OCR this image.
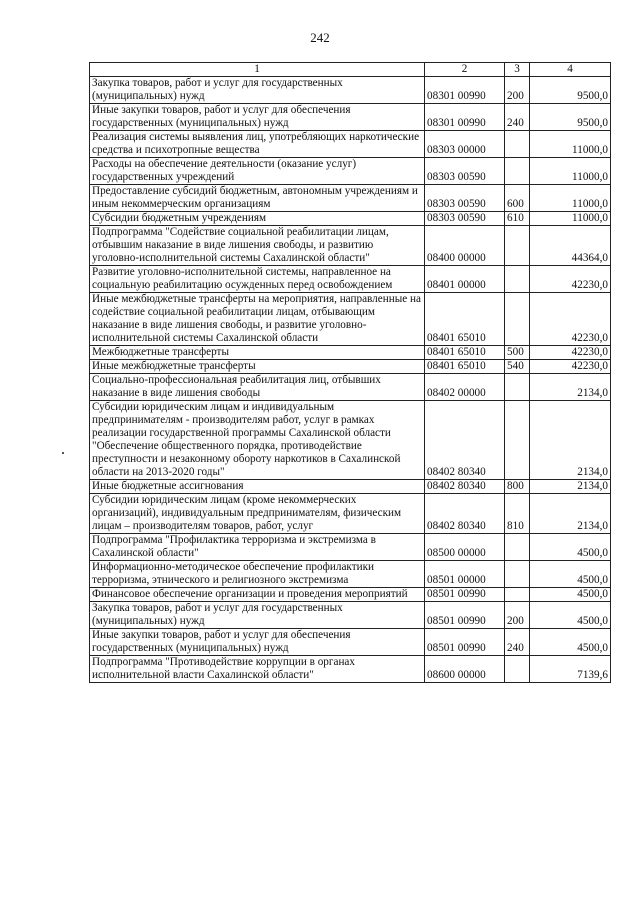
242
1	2	3	4
Закупка товаров, работ и услуг для государственных (муниципальных) нужд	08301 00990	200	9500,0
Иные закупки товаров, работ и услуг для обеспечения государственных (муниципальных) нужд	08301 00990	240	9500,0
Реализация системы выявления лиц, употребляющих наркотические средства и психотропные вещества	08303 00000		11000,0
Расходы на обеспечение деятельности (оказание услуг) государственных учреждений	08303 00590		11000,0
Предоставление субсидий бюджетным, автономным учреждениям и иным некоммерческим организациям	08303 00590	600	11000,0
Субсидии бюджетным учреждениям	08303 00590	610	11000,0
Подпрограмма "Содействие социальной реабилитации лицам, отбывшим наказание в виде лишения свободы, и развитию уголовно-исполнительной системы Сахалинской области"	08400 00000		44364,0
Развитие уголовно-исполнительной системы, направленное на социальную реабилитацию осужденных перед освобождением	08401 00000		42230,0
Иные межбюджетные трансферты на мероприятия, направленные на содействие социальной реабилитации лицам, отбывающим наказание в виде лишения свободы, и развитие уголовно-исполнительной системы Сахалинской области	08401 65010		42230,0
Межбюджетные трансферты	08401 65010	500	42230,0
Иные межбюджетные трансферты	08401 65010	540	42230,0
Социально-профессиональная реабилитация лиц, отбывших наказание в виде лишения свободы	08402 00000		2134,0
Субсидии юридическим лицам и индивидуальным предпринимателям - производителям работ, услуг в рамках реализации государственной программы Сахалинской области "Обеспечение общественного порядка, противодействие преступности и незаконному обороту наркотиков в Сахалинской области на 2013-2020 годы"	08402 80340		2134,0
Иные бюджетные ассигнования	08402 80340	800	2134,0
Субсидии юридическим лицам (кроме некоммерческих организаций), индивидуальным предпринимателям, физическим лицам – производителям товаров, работ, услуг	08402 80340	810	2134,0
Подпрограмма "Профилактика терроризма и экстремизма в Сахалинской области"	08500 00000		4500,0
Информационно-методическое обеспечение профилактики терроризма, этнического и религиозного экстремизма	08501 00000		4500,0
Финансовое обеспечение организации и проведения мероприятий	08501 00990		4500,0
Закупка товаров, работ и услуг для государственных (муниципальных) нужд	08501 00990	200	4500,0
Иные закупки товаров, работ и услуг для обеспечения государственных (муниципальных) нужд	08501 00990	240	4500,0
Подпрограмма "Противодействие коррупции в органах исполнительной власти Сахалинской области"	08600 00000		7139,6
